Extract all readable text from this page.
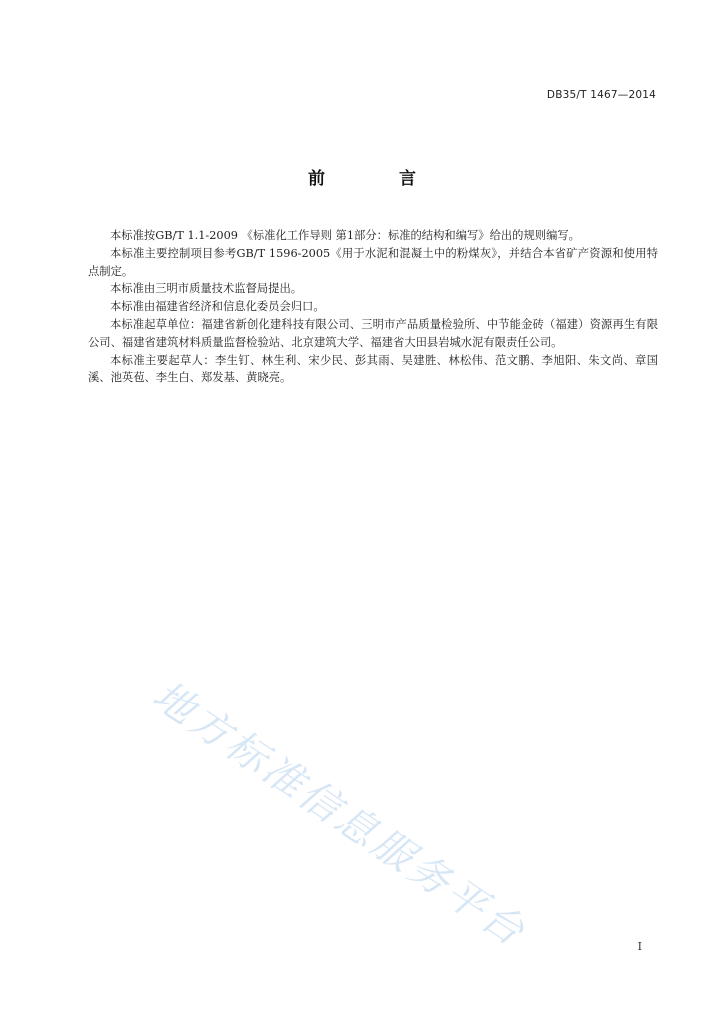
DB35/T 1467—2014
前 言

本标准按GB/T 1.1-2009 《标准化工作导则 第1部分：标准的结构和编写》给出的规则编写。

本标准主要控制项目参考GB/T 1596-2005《用于水泥和混凝土中的粉煤灰》，并结合本省矿产资源和使用特点制定。

本标准由三明市质量技术监督局提出。

本标准由福建省经济和信息化委员会归口。

本标准起草单位：福建省新创化建科技有限公司、三明市产品质量检验所、中节能金砖（福建）资源再生有限公司、福建省建筑材料质量监督检验站、北京建筑大学、福建省大田县岩城水泥有限责任公司。

本标准主要起草人：李生钉、林生利、宋少民、彭其雨、吴建胜、林松伟、范文鹏、李旭阳、朱文尚、章国溪、池英苞、李生白、郑发基、黄晓亮。

地方标准信息服务平台	I
